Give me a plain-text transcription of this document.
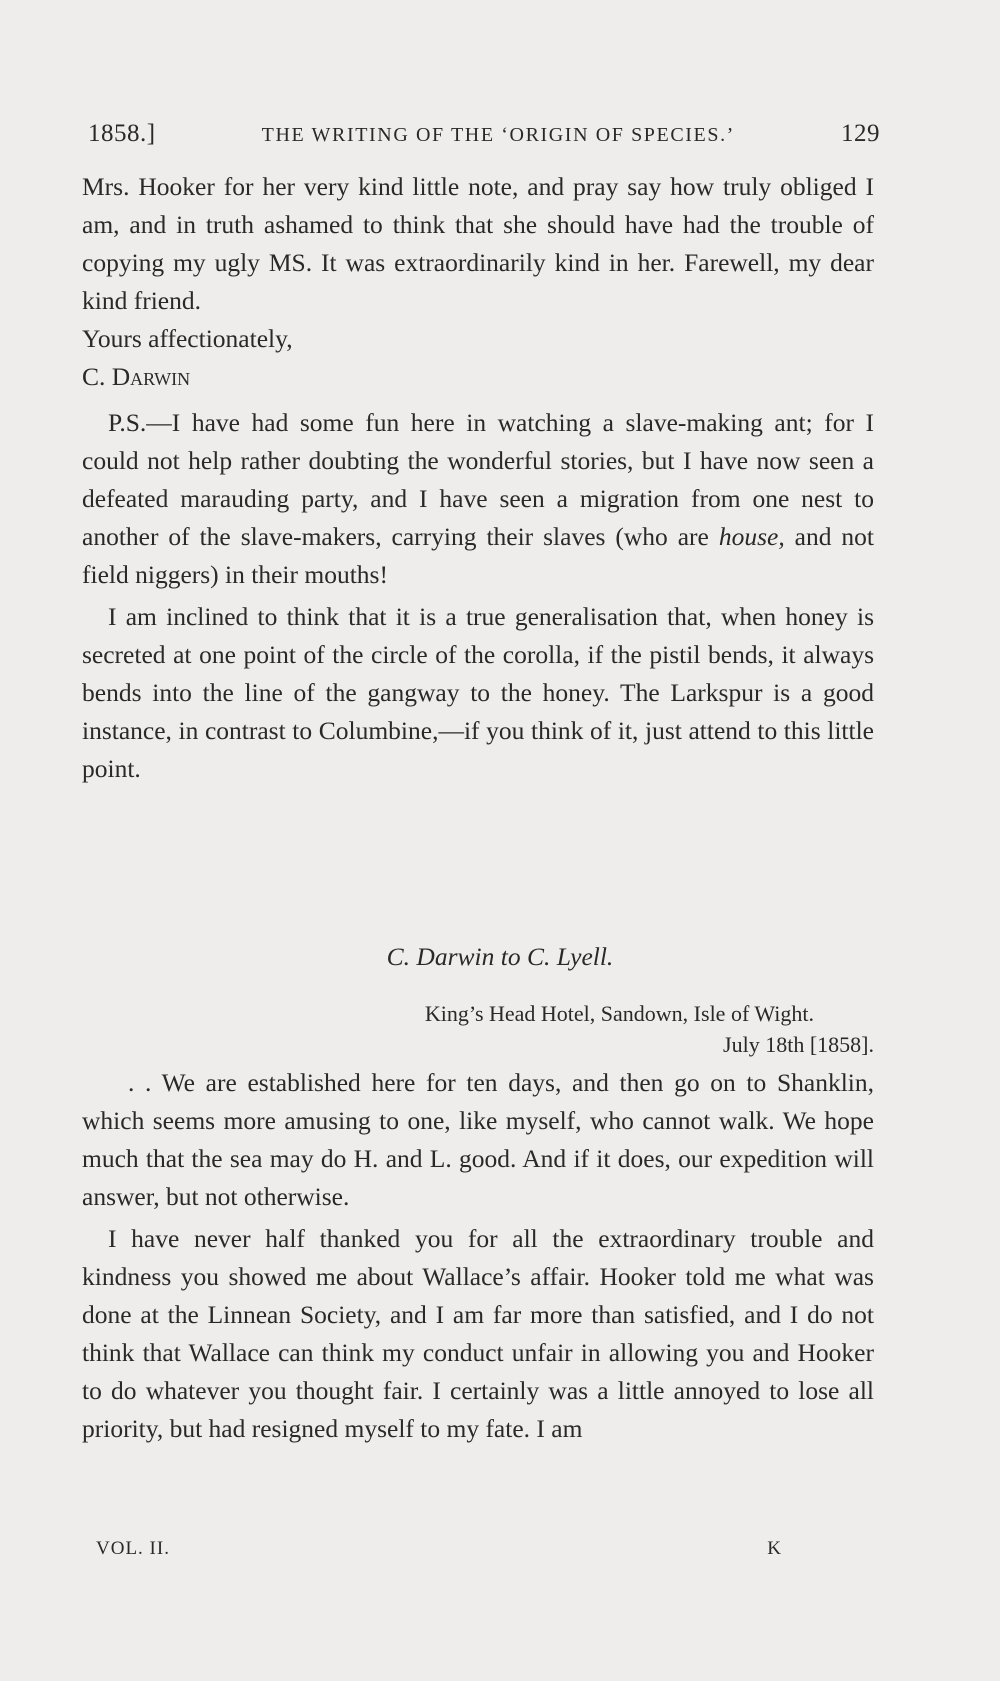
1858.]	THE WRITING OF THE ‘ORIGIN OF SPECIES.’	129

Mrs. Hooker for her very kind little note, and pray say how truly obliged I am, and in truth ashamed to think that she should have had the trouble of copying my ugly MS. It was extraordinarily kind in her. Farewell, my dear kind friend.

Yours affectionately,

C. Darwin

P.S.—I have had some fun here in watching a slave-making ant; for I could not help rather doubting the wonderful stories, but I have now seen a defeated marauding party, and I have seen a migration from one nest to another of the slave-makers, carrying their slaves (who are house, and not field niggers) in their mouths!

I am inclined to think that it is a true generalisation that, when honey is secreted at one point of the circle of the corolla, if the pistil bends, it always bends into the line of the gangway to the honey. The Larkspur is a good instance, in contrast to Columbine,—if you think of it, just attend to this little point.

C. Darwin to C. Lyell.
King’s Head Hotel, Sandown, Isle of Wight.
July 18th [1858].

. . We are established here for ten days, and then go on to Shanklin, which seems more amusing to one, like myself, who cannot walk. We hope much that the sea may do H. and L. good. And if it does, our expedition will answer, but not otherwise.

I have never half thanked you for all the extraordinary trouble and kindness you showed me about Wallace’s affair. Hooker told me what was done at the Linnean Society, and I am far more than satisfied, and I do not think that Wallace can think my conduct unfair in allowing you and Hooker to do whatever you thought fair. I certainly was a little annoyed to lose all priority, but had resigned myself to my fate. I am

VOL. II.	K
